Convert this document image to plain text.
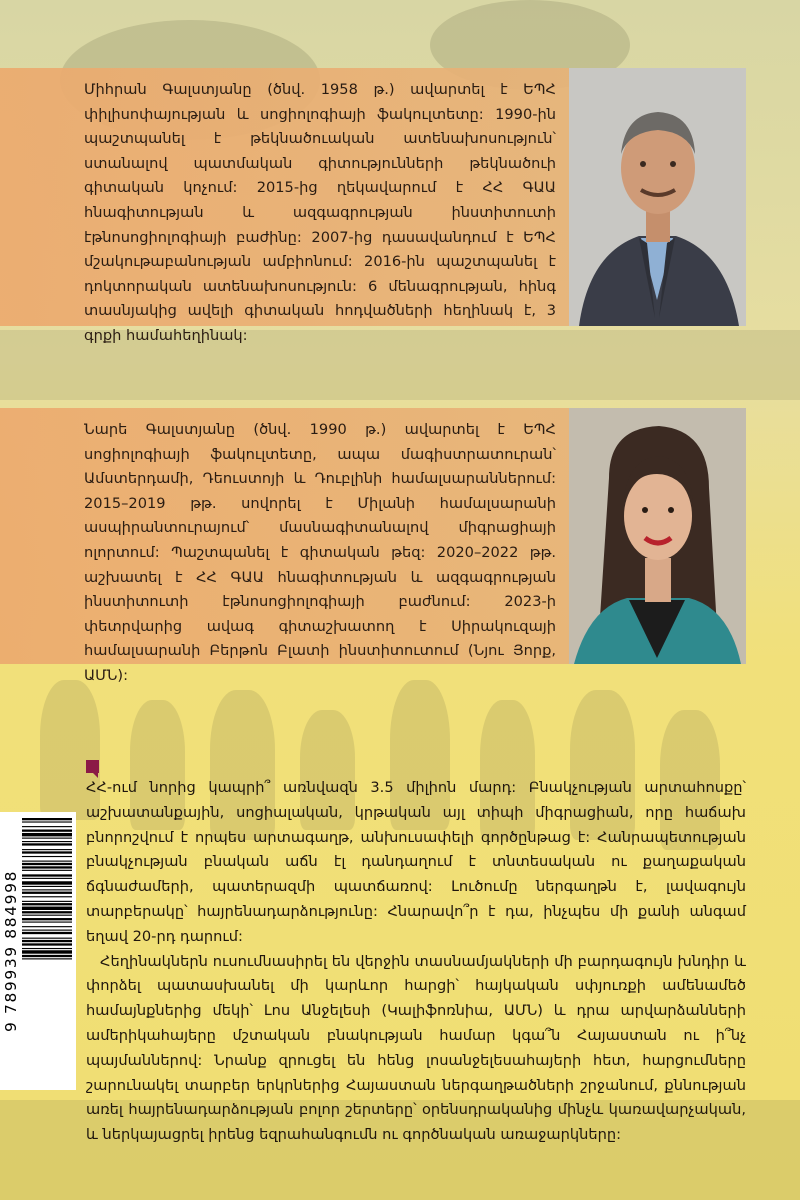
Միհրան Գալստյանը (ծնվ. 1958 թ.) ավարտել է ԵՊՀ փիլիսոփայության և սոցիոլոգիայի ֆակուլտետը: 1990-ին պաշտպանել է թեկնածուական ատենախոսություն՝ ստանալով պատմական գիտությունների թեկնածուի գիտական կոչում: 2015-ից ղեկավարում է ՀՀ ԳԱԱ հնագիտության և ազգագրության ինստիտուտի էթնոսոցիոլոգիայի բաժինը: 2007-ից դասավանդում է ԵՊՀ մշակութաբանության ամբիոնում: 2016-ին պաշտպանել է դոկտորական ատենախոսություն: 6 մենագրության, հինգ տասնյակից ավելի գիտական հոդվածների հեղինակ է, 3 գրքի համահեղինակ:

Նարե Գալստյանը (ծնվ. 1990 թ.) ավարտել է ԵՊՀ սոցիոլոգիայի ֆակուլտետը, ապա մագիստրատուրան՝ Ամստերդամի, Դեուստոյի և Դուբլինի համալսարաններում: 2015–2019 թթ. սովորել է Միլանի համալսարանի ասպիրանտուրայում՝ մասնագիտանալով միգրացիայի ոլորտում: Պաշտպանել է գիտական թեզ: 2020–2022 թթ. աշխատել է ՀՀ ԳԱԱ հնագիտության և ազգագրության ինստիտուտի էթնոսոցիոլոգիայի բաժնում: 2023-ի փետրվարից ավագ գիտաշխատող է Սիրակուզայի համալսարանի Բերթոն Բլատի ինստիտուտում (Նյու Յորք, ԱՄՆ):

ՀՀ-ում նորից կապրի՞ առնվազն 3.5 միլիոն մարդ: Բնակչության արտահոսքը՝ աշխատանքային, սոցիալական, կրթական այլ տիպի միգրացիան, որը հաճախ բնորոշվում է որպես արտագաղթ, անխուսափելի գործընթաց է: Հանրապետության բնակչության բնական աճն էլ դանդաղում է տնտեսական ու քաղաքական ճգնաժամերի, պատերազմի պատճառով: Լուծումը ներգաղթն է, լավագույն տարբերակը՝ հայրենադարձությունը: Հնարավո՞ր է դա, ինչպես մի քանի անգամ եղավ 20-րդ դարում:

Հեղինակներն ուսումնասիրել են վերջին տասնամյակների մի բարդագույն խնդիր և փորձել պատասխանել մի կարևոր հարցի՝ հայկական սփյուռքի ամենամեծ համայնքներից մեկի՝ Լոս Անջելեսի (Կալիֆոռնիա, ԱՄՆ) և դրա արվարձանների ամերիկահայերը մշտական բնակության համար կգա՞ն Հայաստան ու ի՞նչ պայմաններով: Նրանք զրուցել են հենց լոսանջելեսահայերի հետ, հարցումները շարունակել տարբեր երկրներից Հայաստան ներգաղթածների շրջանում, քննության առել հայրենադարձության բոլոր շերտերը՝ օրենսդրականից մինչև կառավարչական, և ներկայացրել իրենց եզրահանգումն ու գործնական առաջարկները:

9 789939 884998
